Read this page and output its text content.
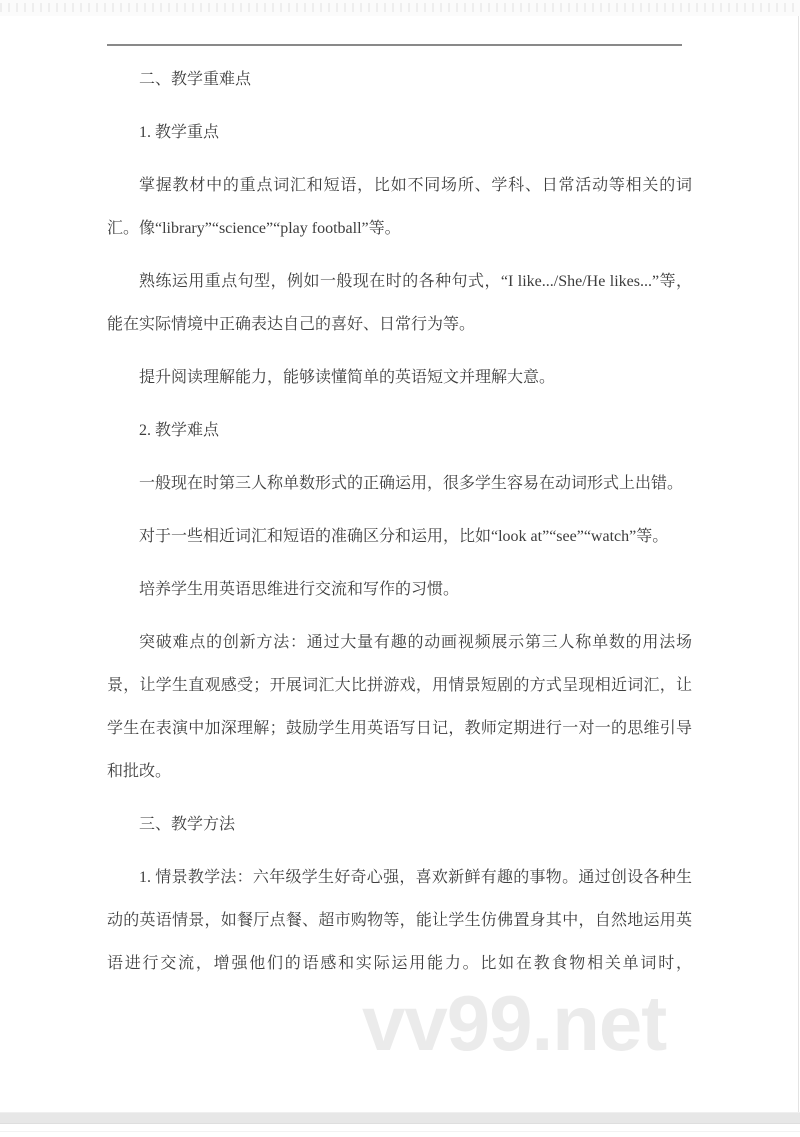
二、教学重难点

1. 教学重点

掌握教材中的重点词汇和短语，比如不同场所、学科、日常活动等相关的词汇。像“library”“science”“play football”等。

熟练运用重点句型，例如一般现在时的各种句式，“I like.../She/He likes...”等，能在实际情境中正确表达自己的喜好、日常行为等。

提升阅读理解能力，能够读懂简单的英语短文并理解大意。

2. 教学难点

一般现在时第三人称单数形式的正确运用，很多学生容易在动词形式上出错。

对于一些相近词汇和短语的准确区分和运用，比如“look at”“see”“watch”等。

培养学生用英语思维进行交流和写作的习惯。

突破难点的创新方法：通过大量有趣的动画视频展示第三人称单数的用法场景，让学生直观感受；开展词汇大比拼游戏，用情景短剧的方式呈现相近词汇，让学生在表演中加深理解；鼓励学生用英语写日记，教师定期进行一对一的思维引导和批改。

三、教学方法

1. 情景教学法：六年级学生好奇心强，喜欢新鲜有趣的事物。通过创设各种生动的英语情景，如餐厅点餐、超市购物等，能让学生仿佛置身其中，自然地运用英语进行交流，增强他们的语感和实际运用能力。比如在教食物相关单词时，

vv99.net
